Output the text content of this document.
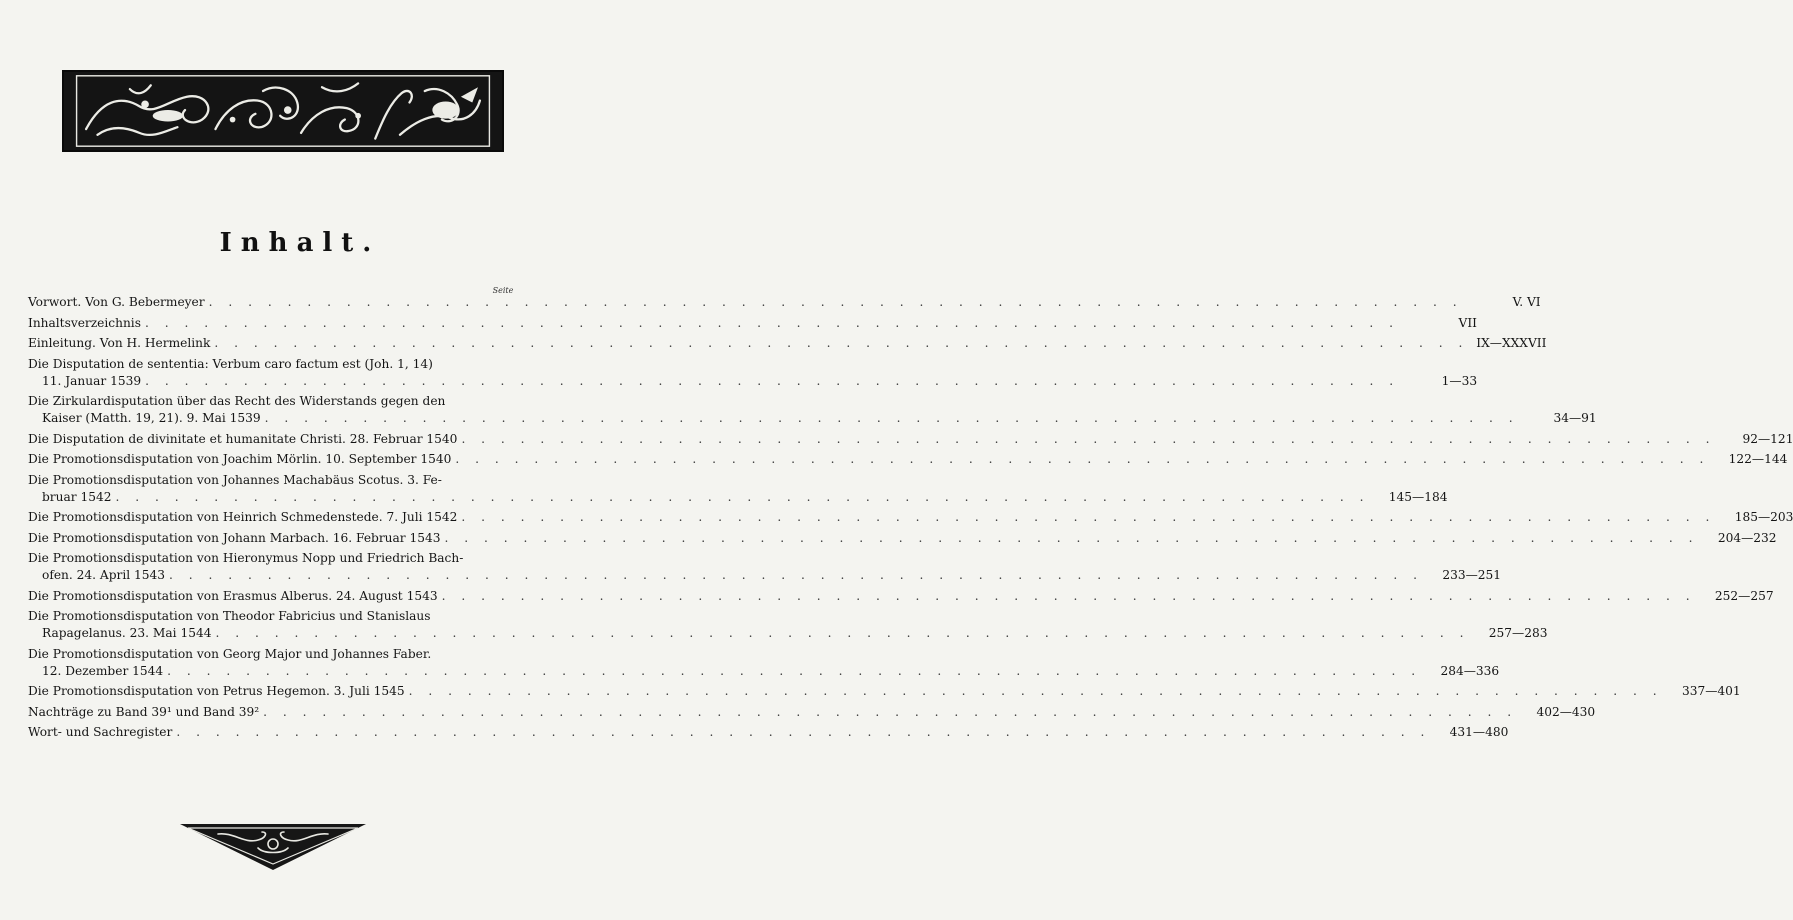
Inhalt.
Seite
Vorwort. Von G. Bebermeyer . . .	V. VI
Inhaltsverzeichnis . . .	VII
Einleitung. Von H. Hermelink . . .	IX—XXXVII
Die Disputation de sententia: Verbum caro factum est (Joh. 1, 14)
11. Januar 1539 . . .	1—33
Die Zirkulardisputation über das Recht des Widerstands gegen den
Kaiser (Matth. 19, 21). 9. Mai 1539 . . .	34—91
Die Disputation de divinitate et humanitate Christi. 28. Februar 1540 . . .	92—121
Die Promotionsdisputation von Joachim Mörlin. 10. September 1540 . . .	122—144
Die Promotionsdisputation von Johannes Machabäus Scotus. 3. Fe-
bruar 1542 . . .	145—184
Die Promotionsdisputation von Heinrich Schmedenstede. 7. Juli 1542 . . .	185—203
Die Promotionsdisputation von Johann Marbach. 16. Februar 1543 . . .	204—232
Die Promotionsdisputation von Hieronymus Nopp und Friedrich Bach-
ofen. 24. April 1543 . . .	233—251
Die Promotionsdisputation von Erasmus Alberus. 24. August 1543 . . .	252—257
Die Promotionsdisputation von Theodor Fabricius und Stanislaus
Rapagelanus. 23. Mai 1544 . . .	257—283
Die Promotionsdisputation von Georg Major und Johannes Faber.
12. Dezember 1544 . . .	284—336
Die Promotionsdisputation von Petrus Hegemon. 3. Juli 1545 . . .	337—401
Nachträge zu Band 39¹ und Band 39² . . .	402—430
Wort- und Sachregister . . .	431—480
